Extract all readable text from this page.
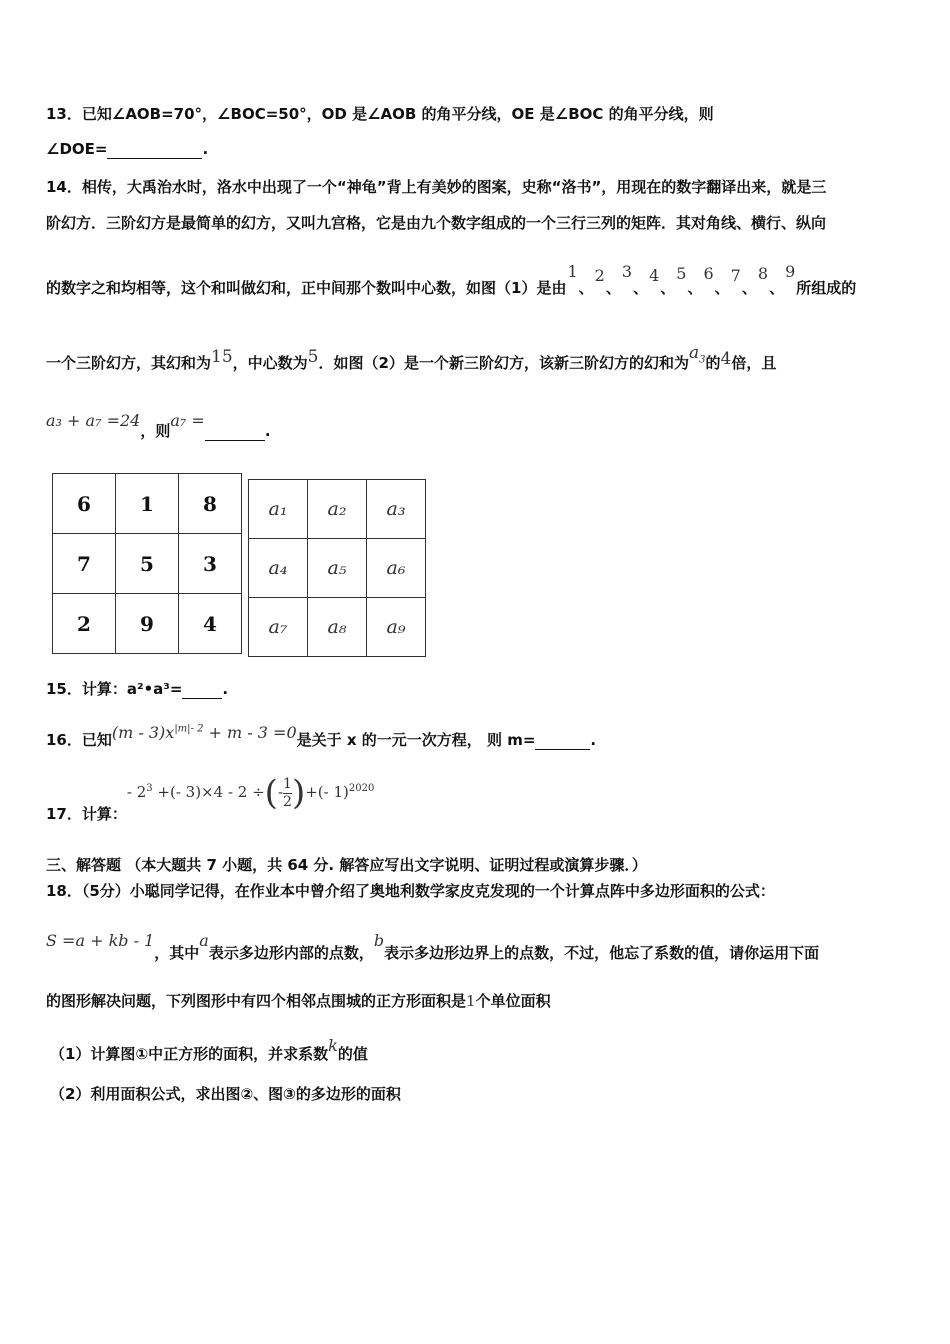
13．已知∠AOB=70°，∠BOC=50°，OD 是∠AOB 的角平分线，OE 是∠BOC 的角平分线，则
∠DOE=	.
14．相传，大禹治水时，洛水中出现了一个“神龟”背上有美妙的图案，史称“洛书”，用现在的数字翻译出来，就是三
阶幻方．三阶幻方是最简单的幻方，又叫九宫格，它是由九个数字组成的一个三行三列的矩阵．其对角线、横行、纵向
的数字之和均相等，这个和叫做幻和，正中间那个数叫中心数，如图（1）是由1、2、3、4、5、6、7、8、9所组成的
一个三阶幻方，其幻和为15，中心数为5．如图（2）是一个新三阶幻方，该新三阶幻方的幻和为$a_3$的4倍，且
a₃ + a₇ =24，则a₇ = .
6	1	8
7	5	3
2	9	4
a₁	a₂	a₃
a₄	a₅	a₆
a₇	a₈	a₉
15．计算：a²•a³=	.
16．已知$(m - 3)x^{|m|- 2} + m - 3 =0$是关于 x 的一元一次方程， 则 m=	.
17．计算：- $2^3$ +(- 3)×4 - 2 ÷(- $\frac{1}{2}$ )+(- 1)$^{2020}$
三、解答题 （本大题共 7 小题，共 64 分. 解答应写出文字说明、证明过程或演算步骤．）
18．（5分）小聪同学记得，在作业本中曾介绍了奥地利数学家皮克发现的一个计算点阵中多边形面积的公式：
S =a + kb - 1，其中a表示多边形内部的点数，b表示多边形边界上的点数，不过，他忘了系数的值，请你运用下面
的图形解决问题，下列图形中有四个相邻点围城的正方形面积是1个单位面积
（1）计算图①中正方形的面积，并求系数k的值
（2）利用面积公式，求出图②、图③的多边形的面积
